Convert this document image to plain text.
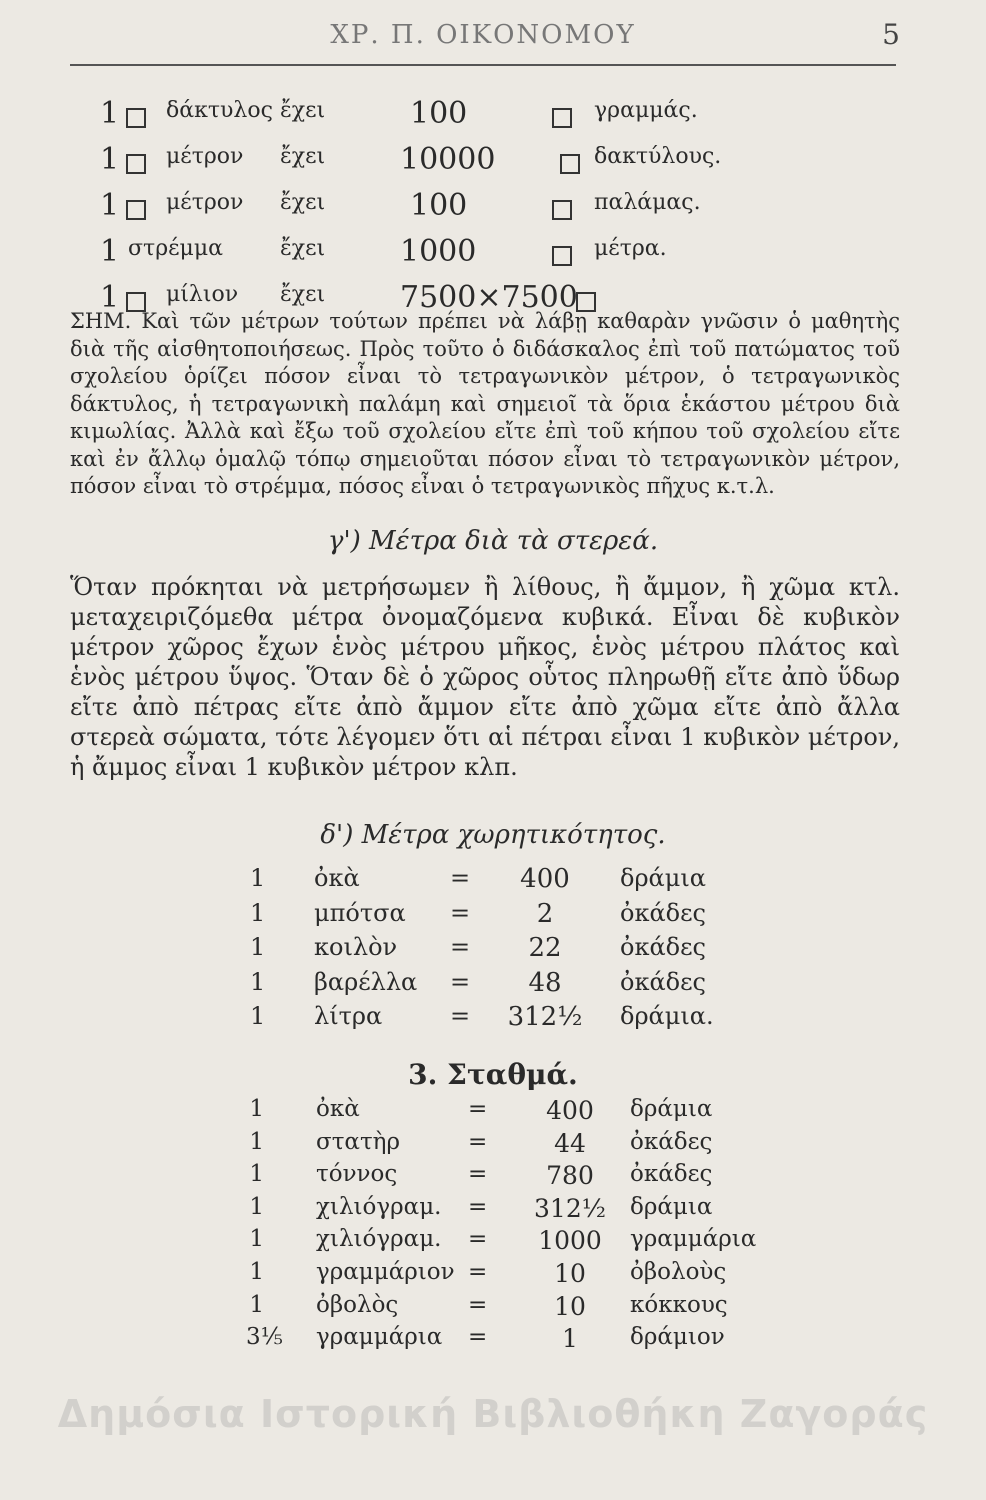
ΧΡ. Π. ΟΙΚΟΝΟΜΟΥ	5
1 δάκτυλος ἔχει	100	γραμμάς.
1 μέτρον ἔχει 10000	δακτύλους.
1 μέτρον ἔχει	100	παλάμας.
1 στρέμμα	ἔχει 1000	μέτρα.
1 μίλιον ἔχει 7500×7500

ΣΗΜ. Καὶ τῶν μέτρων τούτων πρέπει νὰ λάβῃ καθαρὰν γνῶσιν ὁ μαθητὴς διὰ τῆς αἰσθητοποιήσεως. Πρὸς τοῦτο ὁ διδάσκαλος ἐπὶ τοῦ πατώματος τοῦ σχολείου ὁρίζει πόσον εἶναι τὸ τετραγωνικὸν μέτρον, ὁ τετραγωνικὸς δάκτυλος, ἡ τετραγωνικὴ παλάμη καὶ σημειοῖ τὰ ὅρια ἑκάστου μέτρου διὰ κιμωλίας. Ἀλλὰ καὶ ἔξω τοῦ σχολείου εἴτε ἐπὶ τοῦ κήπου τοῦ σχολείου εἴτε καὶ ἐν ἄλλῳ ὁμαλῷ τόπῳ σημειοῦται πόσον εἶναι τὸ τετραγωνικὸν μέτρον, πόσον εἶναι τὸ στρέμμα, πόσος εἶναι ὁ τετραγωνικὸς πῆχυς κ.τ.λ.

γ') Μέτρα διὰ τὰ στερεά.

Ὅταν πρόκηται νὰ μετρήσωμεν ἢ λίθους, ἢ ἄμμον, ἢ χῶμα κτλ. μεταχειριζόμεθα μέτρα ὀνομαζόμενα κυβικά. Εἶναι δὲ κυβικὸν μέτρον χῶρος ἔχων ἑνὸς μέτρου μῆκος, ἑνὸς μέτρου πλάτος καὶ ἑνὸς μέτρου ὕψος. Ὅταν δὲ ὁ χῶρος οὗτος πληρωθῇ εἴτε ἀπὸ ὕδωρ εἴτε ἀπὸ πέτρας εἴτε ἀπὸ ἄμμον εἴτε ἀπὸ χῶμα εἴτε ἀπὸ ἄλλα στερεὰ σώματα, τότε λέγομεν ὅτι αἱ πέτραι εἶναι 1 κυβικὸν μέτρον, ἡ ἄμμος εἶναι 1 κυβικὸν μέτρον κλπ.

δ') Μέτρα χωρητικότητος.
1 ὀκὰ	=	400	δράμια
1 μπότσα =	2	ὀκάδες
1 κοιλὸν =	22	ὀκάδες
1 βαρέλλα =	48	ὀκάδες
1 λίτρα	= 312½	δράμια.
3. Σταθμά.
1 ὀκὰ	=	400	δράμια
1 στατὴρ	=	44	ὀκάδες
1 τόννος	=	780	ὀκάδες
1 χιλιόγραμ. =	312½	δράμια
1 χιλιόγραμ. =	1000	γραμμάρια
1 γραμμάριον =	10	ὀβολοὺς
1 ὀβολὸς	=	10	κόκκους
3⅕ γραμμάρια =	1	δράμιον
Δημόσια Ιστορική Βιβλιοθήκη Ζαγοράς
